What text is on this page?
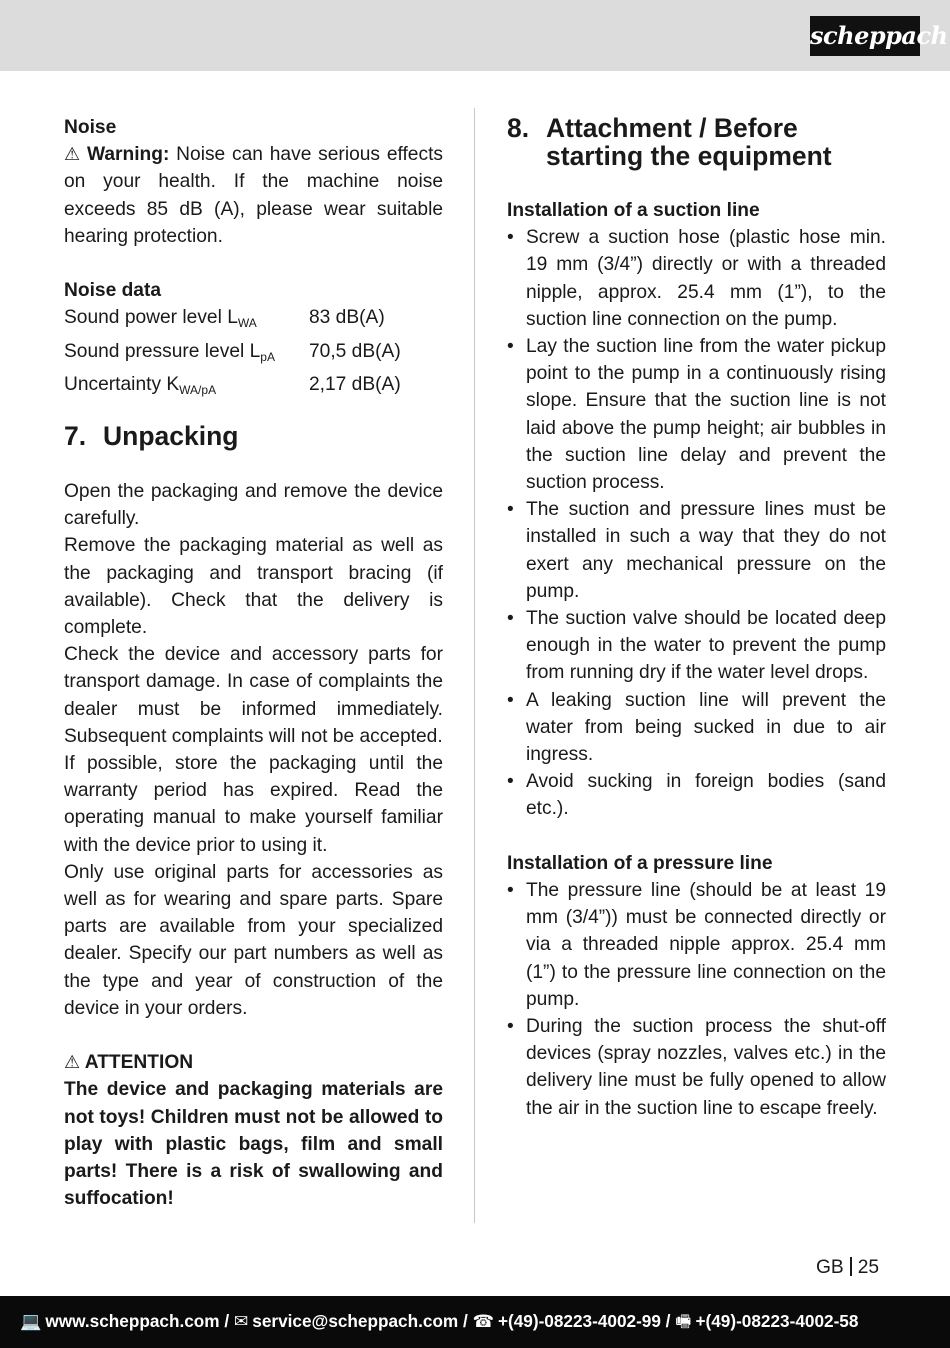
scheppach
Noise
⚠ Warning: Noise can have serious effects on your health. If the machine noise exceeds 85 dB (A), please wear suitable hearing protection.
Noise data
Sound power level $L_{WA}$	83 dB(A)
Sound pressure level $L_{pA}$	70,5 dB(A)
Uncertainty $K_{WA/pA}$	2,17 dB(A)
7. Unpacking
Open the packaging and remove the device carefully.
Remove the packaging material as well as the packaging and transport bracing (if available). Check that the delivery is complete.
Check the device and accessory parts for transport damage. In case of complaints the dealer must be informed immediately. Subsequent complaints will not be accepted.
If possible, store the packaging until the warranty period has expired. Read the operating manual to make yourself familiar with the device prior to using it.
Only use original parts for accessories as well as for wearing and spare parts. Spare parts are available from your specialized dealer. Specify our part numbers as well as the type and year of construction of the device in your orders.
⚠ ATTENTION
The device and packaging materials are not toys! Children must not be allowed to play with plastic bags, film and small parts! There is a risk of swallowing and suffocation!
8. Attachment / Before starting the equipment
Installation of a suction line
• Screw a suction hose (plastic hose min. 19 mm (3/4”) directly or with a threaded nipple, approx. 25.4 mm (1”), to the suction line connection on the pump.
• Lay the suction line from the water pickup point to the pump in a continuously rising slope. Ensure that the suction line is not laid above the pump height; air bubbles in the suction line delay and prevent the suction process.
• The suction and pressure lines must be installed in such a way that they do not exert any mechanical pressure on the pump.
• The suction valve should be located deep enough in the water to prevent the pump from running dry if the water level drops.
• A leaking suction line will prevent the water from being sucked in due to air ingress.
• Avoid sucking in foreign bodies (sand etc.).
Installation of a pressure line
• The pressure line (should be at least 19 mm (3/4”)) must be connected directly or via a threaded nipple approx. 25.4 mm (1”) to the pressure line connection on the pump.
• During the suction process the shut-off devices (spray nozzles, valves etc.) in the delivery line must be fully opened to allow the air in the suction line to escape freely.
GB 25
💻 www.scheppach.com / ✉ service@scheppach.com / ☎ +(49)-08223-4002-99 / 🖷 +(49)-08223-4002-58
